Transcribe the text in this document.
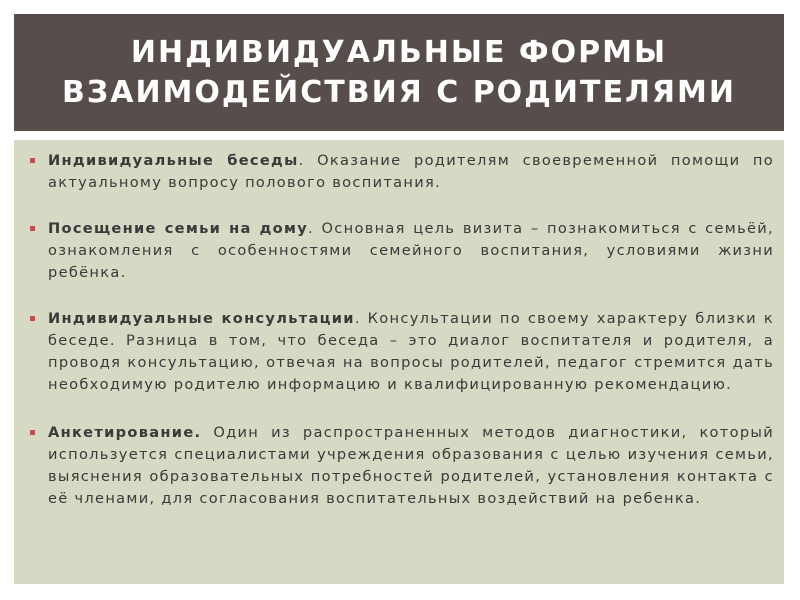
ИНДИВИДУАЛЬНЫЕ ФОРМЫ
ВЗАИМОДЕЙСТВИЯ С РОДИТЕЛЯМИ
Индивидуальные беседы. Оказание родителям своевременной помощи по актуальному вопросу полового воспитания.
Посещение семьи на дому. Основная цель визита – познакомиться с семьёй, ознакомления с особенностями семейного воспитания, условиями жизни ребёнка.
Индивидуальные консультации. Консультации по своему характеру близки к беседе. Разница в том, что беседа – это диалог воспитателя и родителя, а проводя консультацию, отвечая на вопросы родителей, педагог стремится дать необходимую родителю информацию и квалифицированную рекомендацию.
Анкетирование. Один из распространенных методов диагностики, который используется специалистами учреждения образования с целью изучения семьи, выяснения образовательных потребностей родителей, установления контакта с её членами, для согласования воспитательных воздействий на ребенка.
